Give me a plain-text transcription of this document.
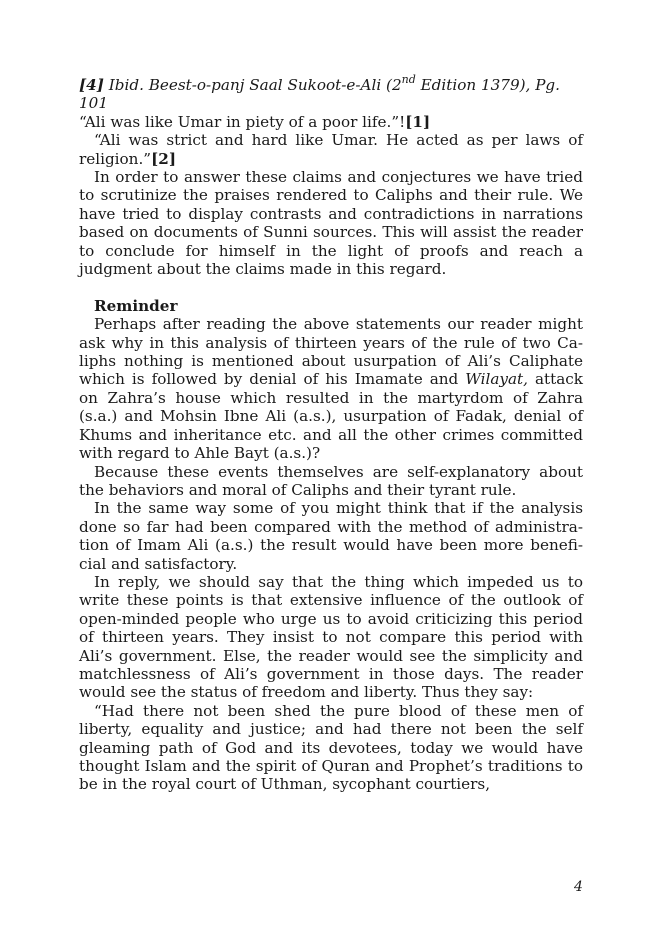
[4] Ibid. Beest-o-panj Saal Sukoot-e-Ali (2nd Edition 1379), Pg. 101

“Ali was like Umar in piety of a poor life.”![1]

“Ali was strict and hard like Umar. He acted as per laws of religion.”[2]

In order to answer these claims and conjectures we have tried to scrutinize the praises rendered to Caliphs and their rule. We have tried to display contrasts and contradictions in narrations based on documents of Sunni sources. This will assist the reader to conclude for himself in the light of proofs and reach a judgment about the claims made in this regard.

Reminder

Perhaps after reading the above statements our reader might ask why in this analysis of thirteen years of the rule of two Caliphs nothing is mentioned about usurpation of Ali’s Caliphate which is followed by denial of his Imamate and Wilayat, attack on Zahra’s house which resulted in the martyrdom of Zahra (s.a.) and Mohsin Ibne Ali (a.s.), usurpation of Fadak, denial of Khums and inheritance etc. and all the other crimes committed with regard to Ahle Bayt (a.s.)?

Because these events themselves are self-explanatory about the behaviors and moral of Caliphs and their tyrant rule.

In the same way some of you might think that if the analysis done so far had been compared with the method of administration of Imam Ali (a.s.) the result would have been more beneficial and satisfactory.

In reply, we should say that the thing which impeded us to write these points is that extensive influence of the outlook of open-minded people who urge us to avoid criticizing this period of thirteen years. They insist to not compare this period with Ali’s government. Else, the reader would see the simplicity and matchlessness of Ali’s government in those days. The reader would see the status of freedom and liberty. Thus they say:

“Had there not been shed the pure blood of these men of liberty, equality and justice; and had there not been the self gleaming path of God and its devotees, today we would have thought Islam and the spirit of Quran and Prophet’s traditions to be in the royal court of Uthman, sycophant courtiers,

4
